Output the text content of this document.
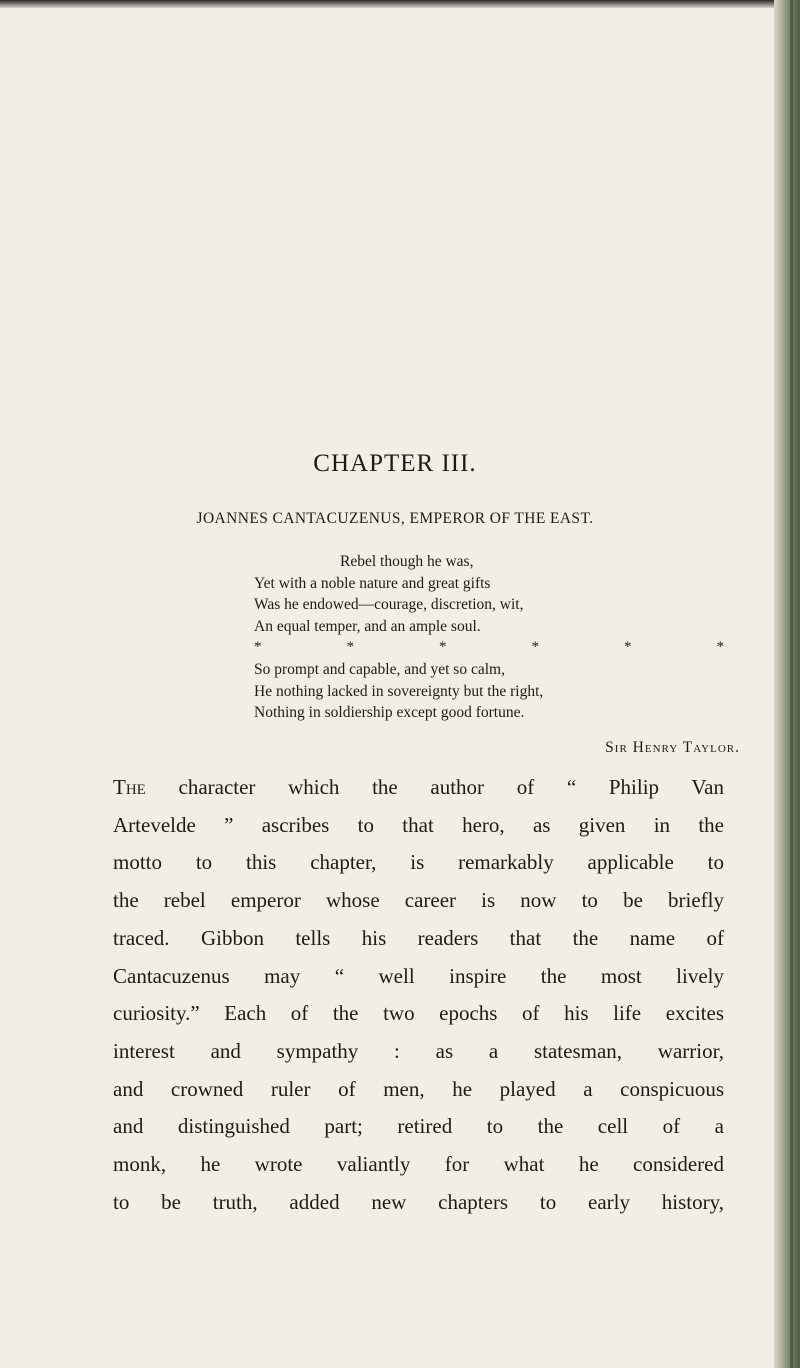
CHAPTER III.
JOANNES CANTACUZENUS, EMPEROR OF THE EAST.
Rebel though he was,
Yet with a noble nature and great gifts
Was he endowed—courage, discretion, wit,
An equal temper, and an ample soul.
*	*	*	*	*	*
So prompt and capable, and yet so calm,
He nothing lacked in sovereignty but the right,
Nothing in soldiership except good fortune.
Sir Henry Taylor.
The character which the author of “ Philip Van
Artevelde ” ascribes to that hero, as given in the
motto to this chapter, is remarkably applicable to
the rebel emperor whose career is now to be briefly
traced. Gibbon tells his readers that the name of
Cantacuzenus may “ well inspire the most lively
curiosity.” Each of the two epochs of his life excites
interest and sympathy : as a statesman, warrior,
and crowned ruler of men, he played a conspicuous
and distinguished part; retired to the cell of a
monk, he wrote valiantly for what he considered
to be truth, added new chapters to early history,
